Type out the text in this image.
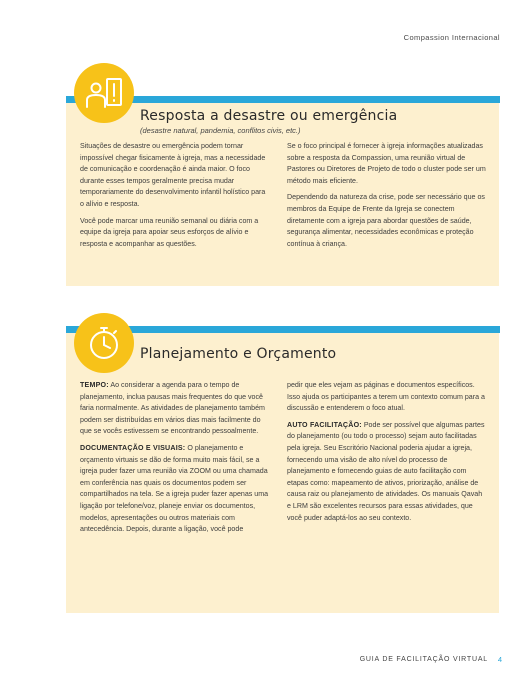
Compassion Internacional
Resposta a desastre ou emergência
(desastre natural, pandemia, conflitos civis, etc.)

Situações de desastre ou emergência podem tornar impossível chegar fisicamente à igreja, mas a necessidade de comunicação e coordenação é ainda maior. O foco durante esses tempos geralmente precisa mudar temporariamente do desenvolvimento infantil holístico para o alívio e resposta.

Você pode marcar uma reunião semanal ou diária com a equipe da igreja para apoiar seus esforços de alívio e resposta e acompanhar as questões.

Se o foco principal é fornecer à igreja informações atualizadas sobre a resposta da Compassion, uma reunião virtual de Pastores ou Diretores de Projeto de todo o cluster pode ser um método mais eficiente.

Dependendo da natureza da crise, pode ser necessário que os membros da Equipe de Frente da Igreja se conectem diretamente com a igreja para abordar questões de saúde, segurança alimentar, necessidades econômicas e proteção contínua à criança.

Planejamento e Orçamento

TEMPO: Ao considerar a agenda para o tempo de planejamento, inclua pausas mais frequentes do que você faria normalmente. As atividades de planejamento também podem ser distribuídas em vários dias mais facilmente do que se vocês estivessem se encontrando pessoalmente.

DOCUMENTAÇÃO E VISUAIS: O planejamento e orçamento virtuais se dão de forma muito mais fácil, se a igreja puder fazer uma reunião via ZOOM ou uma chamada em conferência nas quais os documentos podem ser compartilhados na tela. Se a igreja puder fazer apenas uma ligação por telefone/voz, planeje enviar os documentos, modelos, apresentações ou outros materiais com antecedência. Depois, durante a ligação, você pode

pedir que eles vejam as páginas e documentos específicos. Isso ajuda os participantes a terem um contexto comum para a discussão e entenderem o foco atual.

AUTO FACILITAÇÃO: Pode ser possível que algumas partes do planejamento (ou todo o processo) sejam auto facilitadas pela igreja. Seu Escritório Nacional poderia ajudar a igreja, fornecendo uma visão de alto nível do processo de planejamento e fornecendo guias de auto facilitação com etapas como: mapeamento de ativos, priorização, análise de causa raiz ou planejamento de atividades. Os manuais Qavah e LRM são excelentes recursos para essas atividades, que você puder adaptá-los ao seu contexto.

GUIA DE FACILITAÇÃO VIRTUAL 4
